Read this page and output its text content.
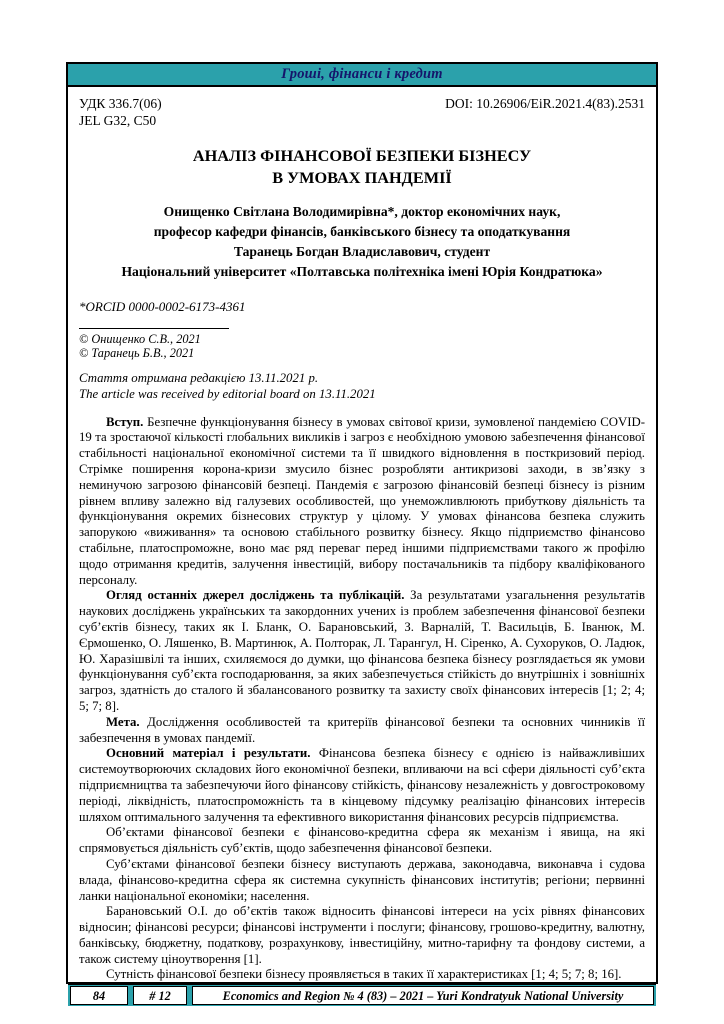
Гроші, фінанси і кредит
УДК 336.7(06)	DOI: 10.26906/EiR.2021.4(83).2531
JEL G32, C50
АНАЛІЗ ФІНАНСОВОЇ БЕЗПЕКИ БІЗНЕСУ
В УМОВАХ ПАНДЕМІЇ
Онищенко Світлана Володимирівна*, доктор економічних наук,
професор кафедри фінансів, банківського бізнесу та оподаткування
Таранець Богдан Владиславович, студент
Національний університет «Полтавська політехніка імені Юрія Кондратюка»
*ORCID 0000-0002-6173-4361
© Онищенко С.В., 2021
© Таранець Б.В., 2021
Стаття отримана редакцією 13.11.2021 р.
The article was received by editorial board on 13.11.2021

Вступ. Безпечне функціонування бізнесу в умовах світової кризи, зумовленої пандемією COVID-19 та зростаючої кількості глобальних викликів і загроз є необхідною умовою забезпечення фінансової стабільності національної економічної системи та її швидкого відновлення в посткризовий період. Стрімке поширення корона-кризи змусило бізнес розробляти антикризові заходи, в зв’язку з неминучою загрозою фінансовій безпеці. Пандемія є загрозою фінансовій безпеці бізнесу із різним рівнем впливу залежно від галузевих особливостей, що унеможливлюють прибуткову діяльність та функціонування окремих бізнесових структур у цілому. У умовах фінансова безпека служить запорукою «виживання» та основою стабільного розвитку бізнесу. Якщо підприємство фінансово стабільне, платоспроможне, воно має ряд переваг перед іншими підприємствами такого ж профілю щодо отримання кредитів, залучення інвестицій, вибору постачальників та підбору кваліфікованого персоналу.

Огляд останніх джерел досліджень та публікацій. За результатами узагальнення результатів наукових досліджень українських та закордонних учених із проблем забезпечення фінансової безпеки суб’єктів бізнесу, таких як І. Бланк, О. Барановський, З. Варналій, Т. Васильців, Б. Іванюк, М. Єрмошенко, О. Ляшенко, В. Мартинюк, А. Полторак, Л. Тарангул, Н. Сіренко, А. Сухоруков, О. Ладюк, Ю. Харазішвілі та інших, схиляємося до думки, що фінансова безпека бізнесу розглядається як умови функціонування суб’єкта господарювання, за яких забезпечується стійкість до внутрішніх і зовнішніх загроз, здатність до сталого й збалансованого розвитку та захисту своїх фінансових інтересів [1; 2; 4; 5; 7; 8].

Мета. Дослідження особливостей та критеріїв фінансової безпеки та основних чинників її забезпечення в умовах пандемії.

Основний матеріал і результати. Фінансова безпека бізнесу є однією із найважливіших системоутворюючих складових його економічної безпеки, впливаючи на всі сфери діяльності суб’єкта підприємництва та забезпечуючи його фінансову стійкість, фінансову незалежність у довгостроковому періоді, ліквідність, платоспроможність та в кінцевому підсумку реалізацію фінансових інтересів шляхом оптимального залучення та ефективного використання фінансових ресурсів підприємства.

Об’єктами фінансової безпеки є фінансово-кредитна сфера як механізм і явища, на які спрямовується діяльність суб’єктів, щодо забезпечення фінансової безпеки.

Суб’єктами фінансової безпеки бізнесу виступають держава, законодавча, виконавча і судова влада, фінансово-кредитна сфера як системна сукупність фінансових інститутів; регіони; первинні ланки національної економіки; населення.

Барановський О.І. до об’єктів також відносить фінансові інтереси на усіх рівнях фінансових відносин; фінансові ресурси; фінансові інструменти і послуги; фінансову, грошово-кредитну, валютну, банківську, бюджетну, податкову, розрахункову, інвестиційну, митно-тарифну та фондову системи, а також систему ціноутворення [1].

Сутність фінансової безпеки бізнесу проявляється в таких її характеристиках [1; 4; 5; 7; 8; 16].

84	# 12	Economics and Region № 4 (83) – 2021 – Yuri Kondratyuk National University
